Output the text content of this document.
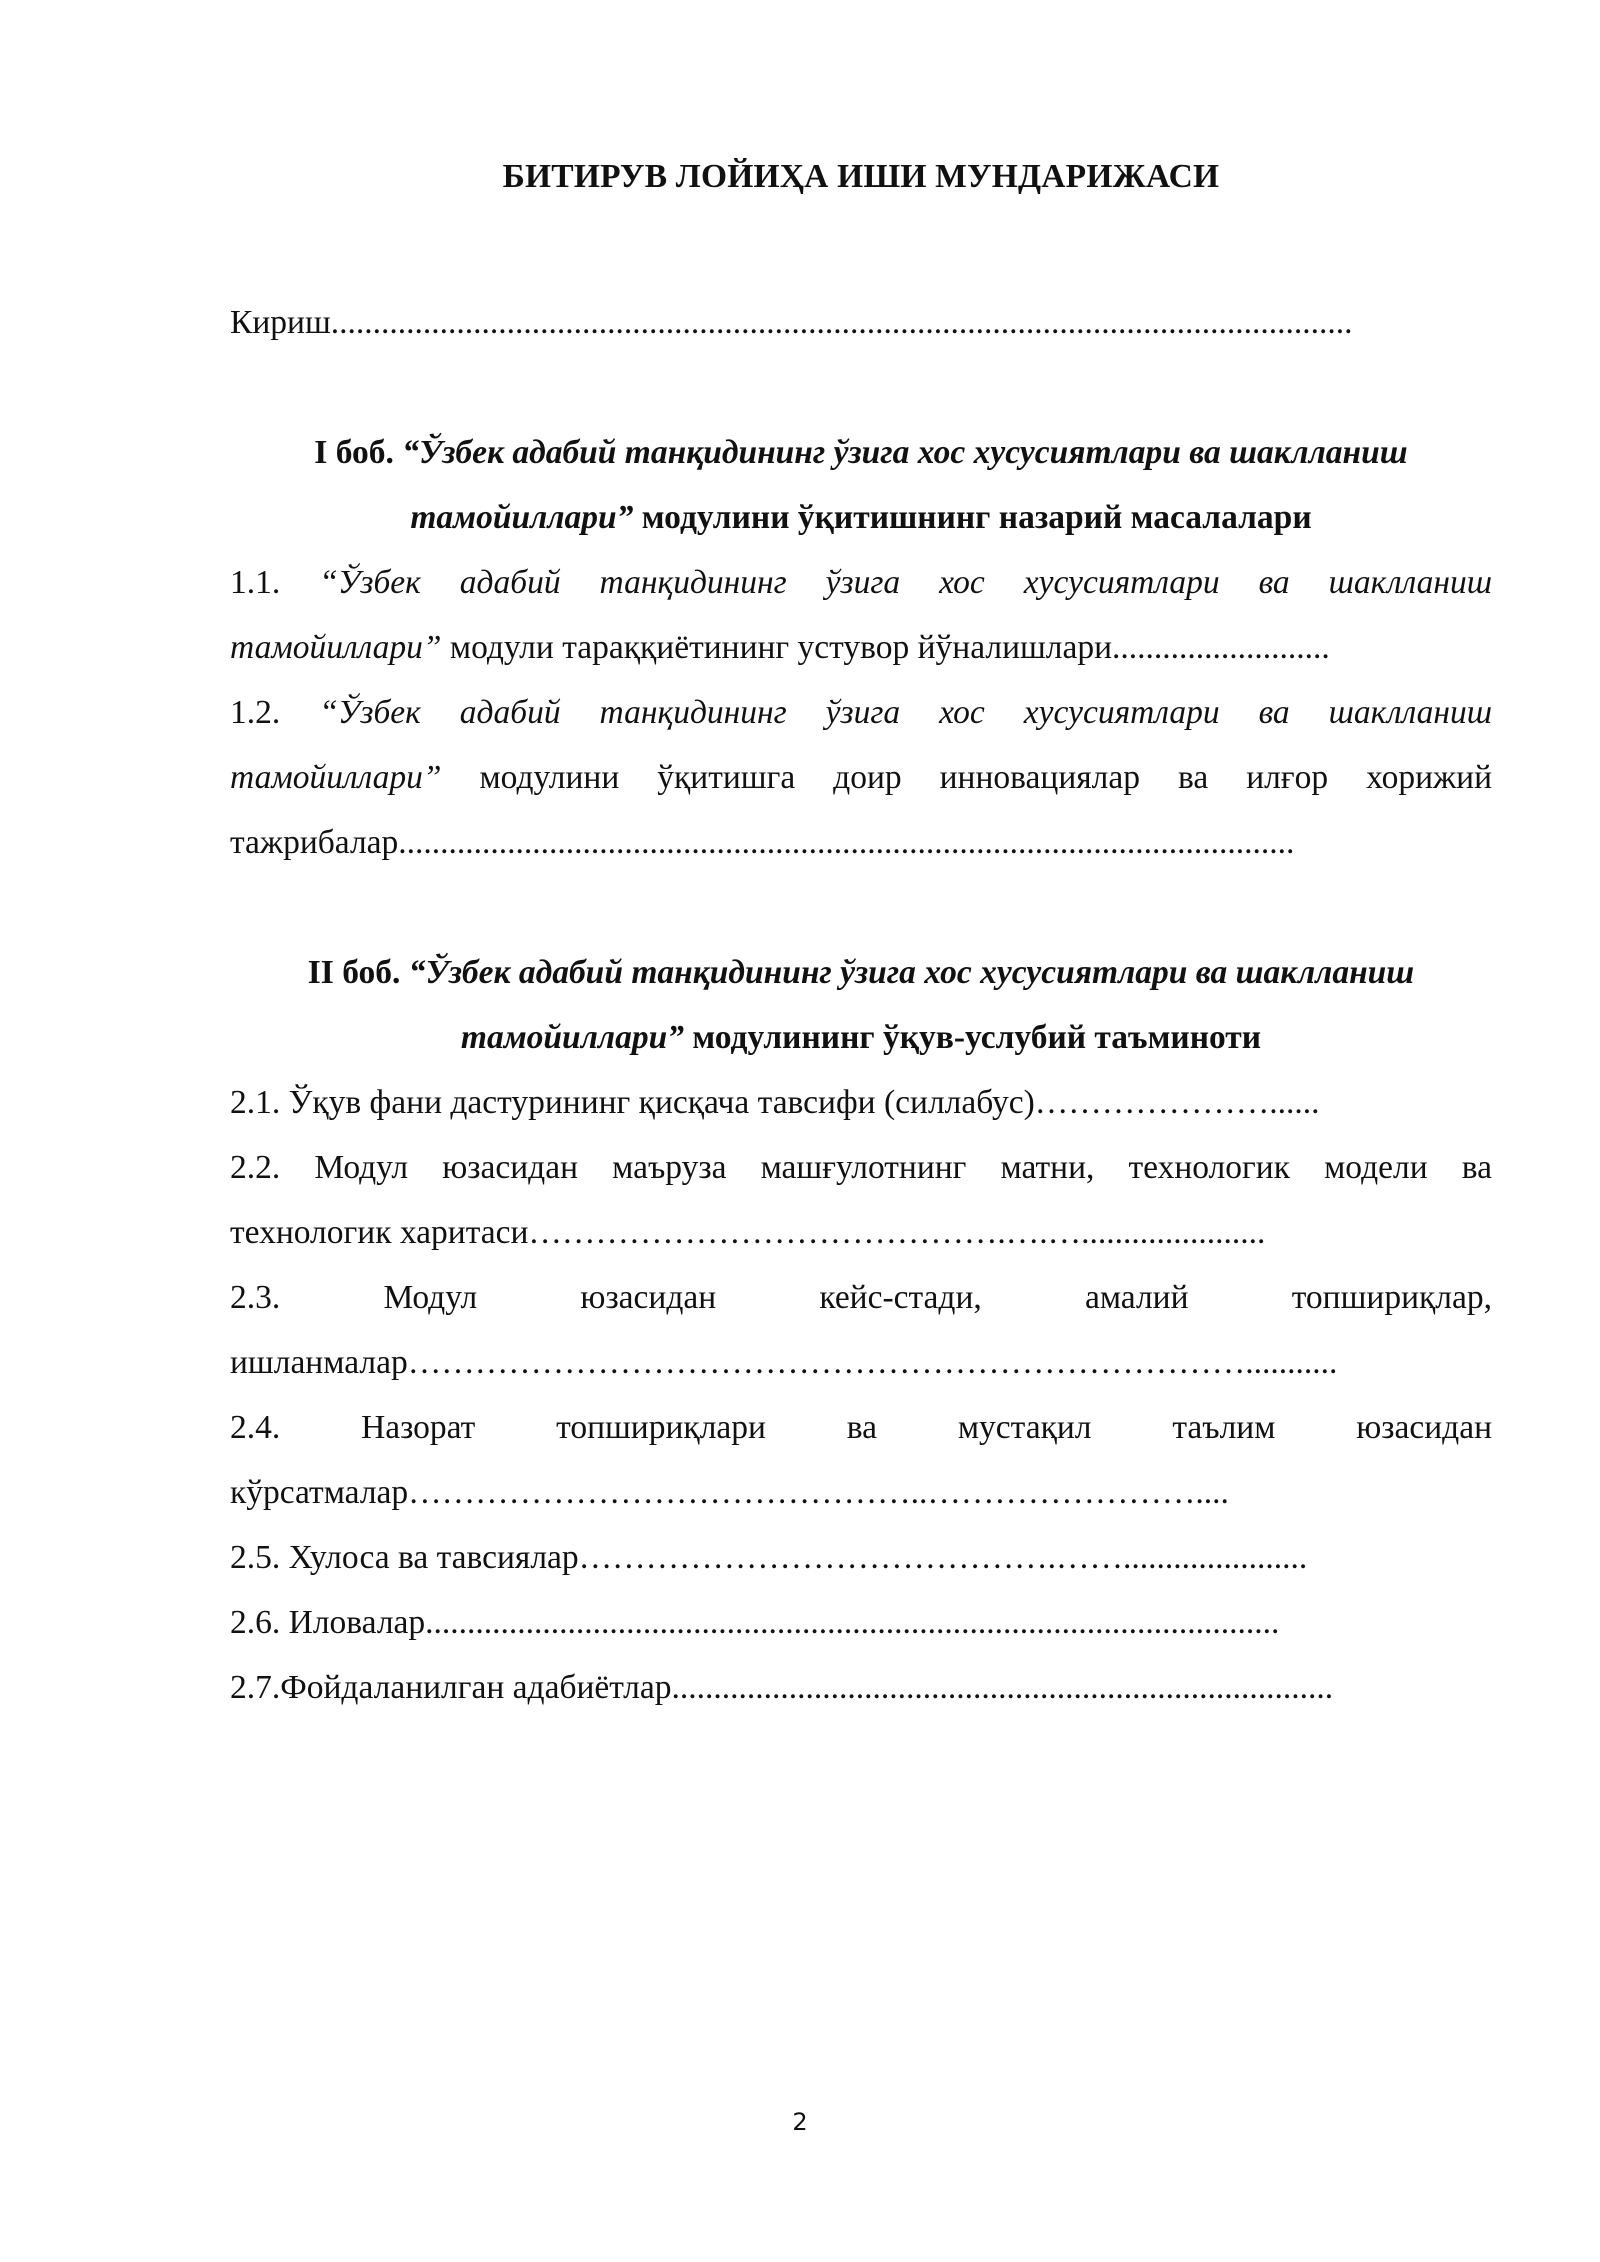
БИТИРУВ ЛОЙИҲА ИШИ МУНДАРИЖАСИ

Кириш..........................................................................................................................

I боб. “Ўзбек адабий танқидининг ўзига хос хусусиятлари ва шаклланиш

тамойиллари” модулини ўқитишнинг назарий масалалари

1.1. “Ўзбек адабий танқидининг ўзига хос хусусиятлари ва шаклланиш

тамойиллари” модули тараққиётининг устувор йўналишлари..........................

1.2. “Ўзбек адабий танқидининг ўзига хос хусусиятлари ва шаклланиш

тамойиллари” модулини ўқитишга доир инновациялар ва илғор хорижий

тажрибалар...........................................................................................................

II боб. “Ўзбек адабий танқидининг ўзига хос хусусиятлари ва шаклланиш

тамойиллари” модулининг ўқув-услубий таъминоти

2.1. Ўқув фани дастурининг қисқача тавсифи (силлабус)…………………......

2.2. Модул юзасидан маъруза машғулотнинг матни, технологик модели ва

технологик харитаси…………………………………….….…......................

2.3. Модул юзасидан кейс-стади, амалий топшириқлар,

ишланмалар…………………………………………………………………...........

2.4. Назорат топшириқлари ва мустақил таълим юзасидан

кўрсатмалар………………………………………..……………………....

2.5. Хулоса ва тавсиялар…………………………………….……......................

2.6. Иловалар......................................................................................................

2.7.Фойдаланилган адабиётлар...............................................................................

2
